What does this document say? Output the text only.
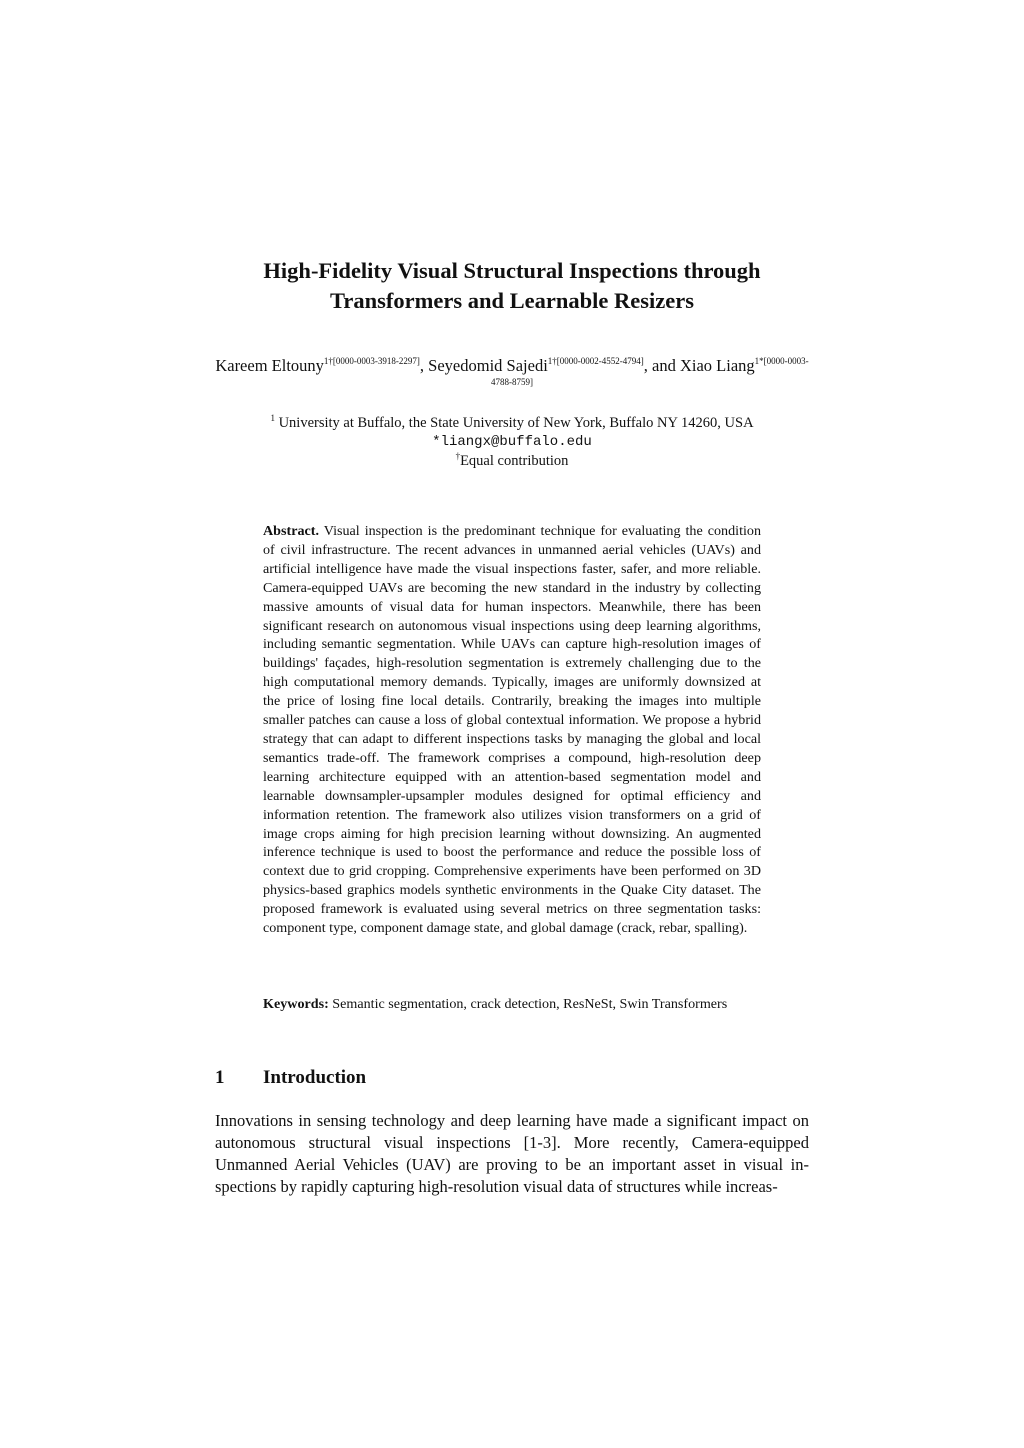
High-Fidelity Visual Structural Inspections through
Transformers and Learnable Resizers
Kareem Eltouny$^{1\dagger[0000-0003-3918-2297]}$, Seyedomid Sajedi$^{1\dagger[0000-0002-4552-4794]}$, and Xiao Liang$^{1*[0000-0003-4788-8759]}$
$^1$ University at Buffalo, the State University of New York, Buffalo NY 14260, USA
*liangx@buffalo.edu
†Equal contribution
Abstract. Visual inspection is the predominant technique for evaluating the condition of civil infrastructure. The recent advances in unmanned aerial vehicles (UAVs) and artificial intelligence have made the visual inspections faster, safer, and more reliable. Camera-equipped UAVs are becoming the new standard in the industry by collecting massive amounts of visual data for human inspectors. Meanwhile, there has been significant research on autonomous visual inspections using deep learning algorithms, including semantic segmentation. While UAVs can capture high-resolution images of buildings' façades, high-resolution segmentation is extremely challenging due to the high computational memory demands. Typically, images are uniformly downsized at the price of losing fine local details. Contrarily, breaking the images into multiple smaller patches can cause a loss of global contextual information. We propose a hybrid strategy that can adapt to different inspections tasks by managing the global and local semantics trade-off. The framework comprises a compound, high-resolution deep learning architecture equipped with an attention-based segmentation model and learnable downsampler-upsampler modules designed for optimal efficiency and information retention. The framework also utilizes vision transformers on a grid of image crops aiming for high precision learning without downsizing. An augmented inference technique is used to boost the performance and reduce the possible loss of context due to grid cropping. Comprehensive experiments have been performed on 3D physics-based graphics models synthetic environments in the Quake City dataset. The proposed framework is evaluated using several metrics on three segmentation tasks: component type, component damage state, and global damage (crack, rebar, spalling).
Keywords: Semantic segmentation, crack detection, ResNeSt, Swin Transformers
1 Introduction
Innovations in sensing technology and deep learning have made a significant impact on autonomous structural visual inspections [1-3]. More recently, Camera-equipped Unmanned Aerial Vehicles (UAV) are proving to be an important asset in visual inspections by rapidly capturing high-resolution visual data of structures while increas-
